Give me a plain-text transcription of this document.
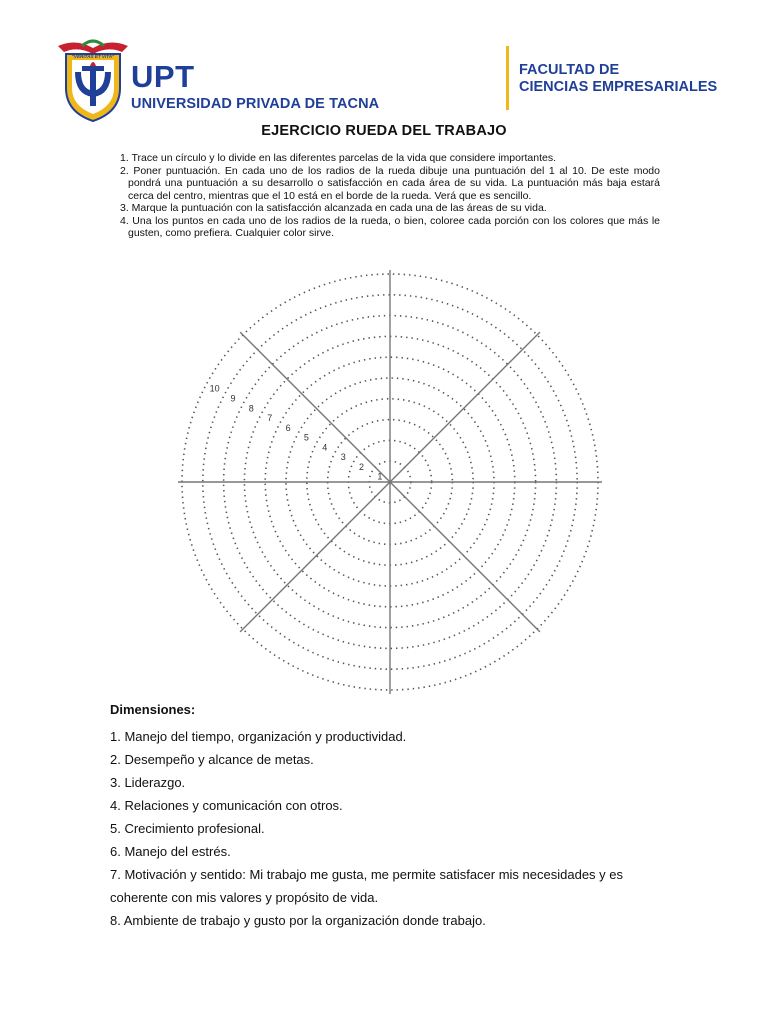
"VERITAS ET VITA"
UPT
UNIVERSIDAD PRIVADA DE TACNA
FACULTAD DE
CIENCIAS EMPRESARIALES
EJERCICIO RUEDA DEL TRABAJO
1. Trace un círculo y lo divide en las diferentes parcelas de la vida que considere importantes.
2. Poner puntuación. En cada uno de los radios de la rueda dibuje una puntuación del 1 al 10. De este modo pondrá una puntuación a su desarrollo o satisfacción en cada área de su vida. La puntuación más baja estará cerca del centro, mientras que el 10 está en el borde de la rueda. Verá que es sencillo.
3. Marque la puntuación con la satisfacción alcanzada en cada una de las áreas de su vida.
4. Una los puntos en cada uno de los radios de la rueda, o bien, coloree cada porción con los colores que más le gusten, como prefiera. Cualquier color sirve.
1
2
3
4
5
6
7
8
9
10
Dimensiones:
1. Manejo del tiempo, organización y productividad.
2. Desempeño y alcance de metas.
3. Liderazgo.
4. Relaciones y comunicación con otros.
5. Crecimiento profesional.
6. Manejo del estrés.
7. Motivación y sentido: Mi trabajo me gusta, me permite satisfacer mis necesidades y es coherente con mis valores y propósito de vida.
8. Ambiente de trabajo y gusto por la organización donde trabajo.
